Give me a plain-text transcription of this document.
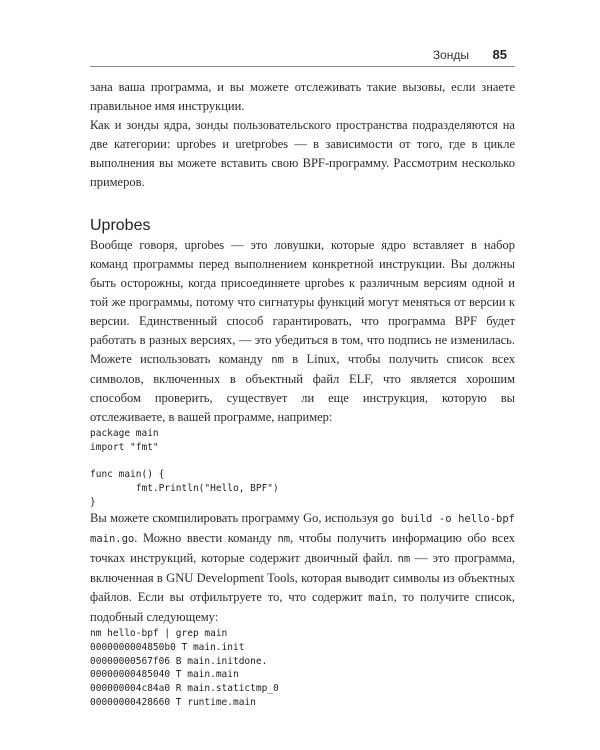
Зонды 85

зана ваша программа, и вы можете отслеживать такие вызовы, если знаете правильное имя инструкции.

Как и зонды ядра, зонды пользовательского пространства подразделяются на две категории: uprobes и uretprobes — в зависимости от того, где в цикле выполнения вы можете вставить свою BPF-программу. Рассмотрим несколько примеров.

Uprobes

Вообще говоря, uprobes — это ловушки, которые ядро вставляет в набор команд программы перед выполнением конкретной инструкции. Вы должны быть осторожны, когда присоединяете uprobes к различным версиям одной и той же программы, потому что сигнатуры функций могут меняться от версии к версии. Единственный способ гарантировать, что программа BPF будет работать в разных версиях, — это убедиться в том, что подпись не изменилась. Можете использовать команду nm в Linux, чтобы получить список всех символов, включенных в объектный файл ELF, что является хорошим способом проверить, существует ли еще инструкция, которую вы отслеживаете, в вашей программе, например:

package main
import "fmt"
func main() {
fmt.Println("Hello, BPF")
}

Вы можете скомпилировать программу Go, используя go build -o hello-bpf main.go. Можно ввести команду nm, чтобы получить информацию обо всех точках инструкций, которые содержит двоичный файл. nm — это программа, включенная в GNU Development Tools, которая выводит символы из объектных файлов. Если вы отфильтруете то, что содержит main, то получите список, подобный следующему:

nm hello-bpf | grep main
0000000004850b0 T main.init
00000000567f06 B main.initdone.
00000000485040 T main.main
000000004c84a0 R main.statictmp_0
00000000428660 T runtime.main
